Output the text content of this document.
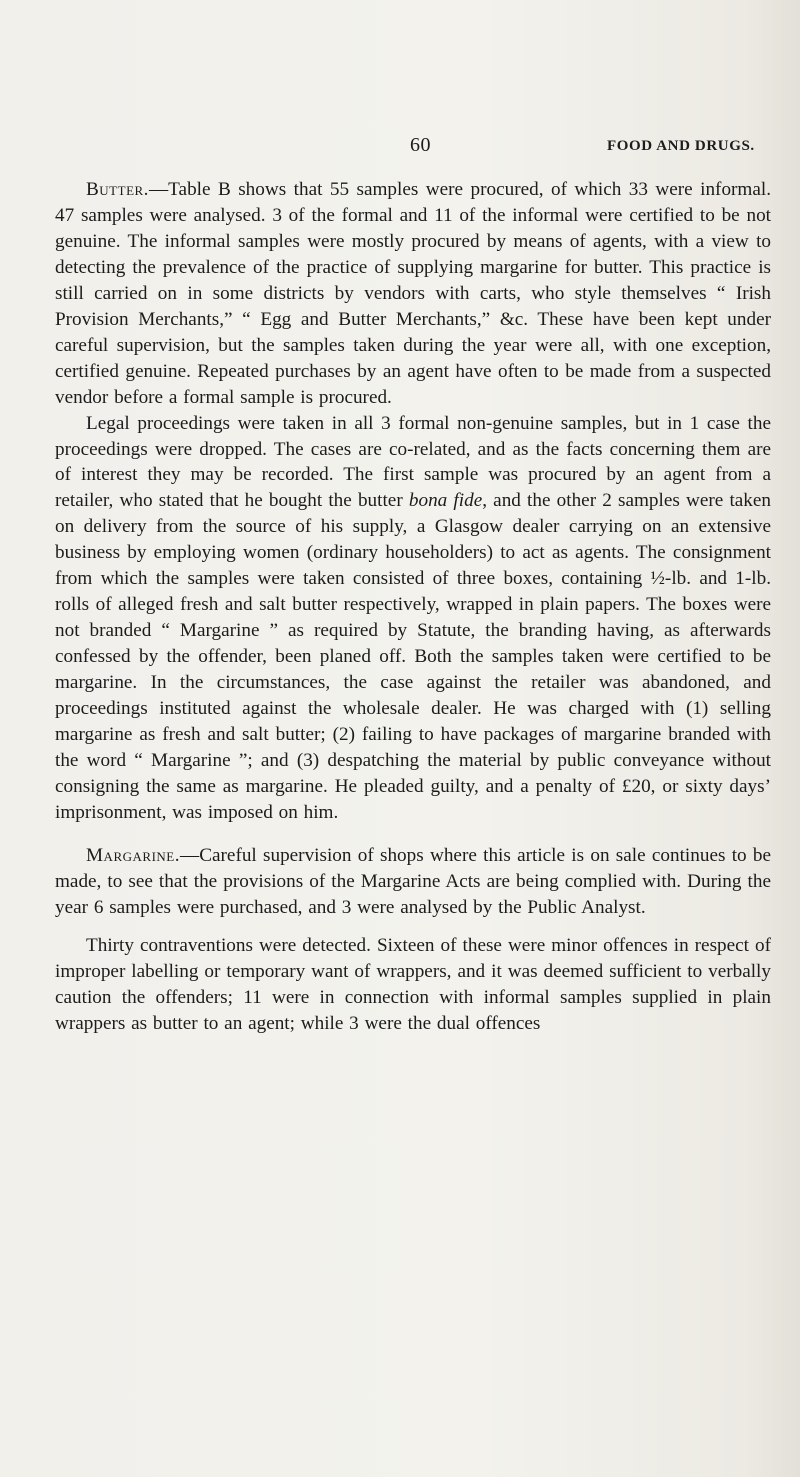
60	FOOD AND DRUGS.

Butter.—Table B shows that 55 samples were procured, of which 33 were informal. 47 samples were analysed. 3 of the formal and 11 of the informal were certified to be not genuine. The informal samples were mostly procured by means of agents, with a view to detecting the prevalence of the practice of supplying margarine for butter. This practice is still carried on in some districts by vendors with carts, who style themselves “ Irish Provision Merchants,” “ Egg and Butter Merchants,” &c. These have been kept under careful supervision, but the samples taken during the year were all, with one exception, certified genuine. Repeated purchases by an agent have often to be made from a suspected vendor before a formal sample is procured.

Legal proceedings were taken in all 3 formal non-genuine samples, but in 1 case the proceedings were dropped. The cases are co-related, and as the facts concerning them are of interest they may be recorded. The first sample was procured by an agent from a retailer, who stated that he bought the butter bona fide, and the other 2 samples were taken on delivery from the source of his supply, a Glasgow dealer carrying on an extensive business by employing women (ordinary householders) to act as agents. The consignment from which the samples were taken consisted of three boxes, containing ½-lb. and 1-lb. rolls of alleged fresh and salt butter respectively, wrapped in plain papers. The boxes were not branded “ Margarine ” as required by Statute, the branding having, as afterwards confessed by the offender, been planed off. Both the samples taken were certified to be margarine. In the circumstances, the case against the retailer was abandoned, and proceedings instituted against the wholesale dealer. He was charged with (1) selling margarine as fresh and salt butter; (2) failing to have packages of margarine branded with the word “ Margarine ”; and (3) despatching the material by public conveyance without consigning the same as margarine. He pleaded guilty, and a penalty of £20, or sixty days’ imprisonment, was imposed on him.

Margarine.—Careful supervision of shops where this article is on sale continues to be made, to see that the provisions of the Margarine Acts are being complied with. During the year 6 samples were purchased, and 3 were analysed by the Public Analyst.

Thirty contraventions were detected. Sixteen of these were minor offences in respect of improper labelling or temporary want of wrappers, and it was deemed sufficient to verbally caution the offenders; 11 were in connection with informal samples supplied in plain wrappers as butter to an agent; while 3 were the dual offences
